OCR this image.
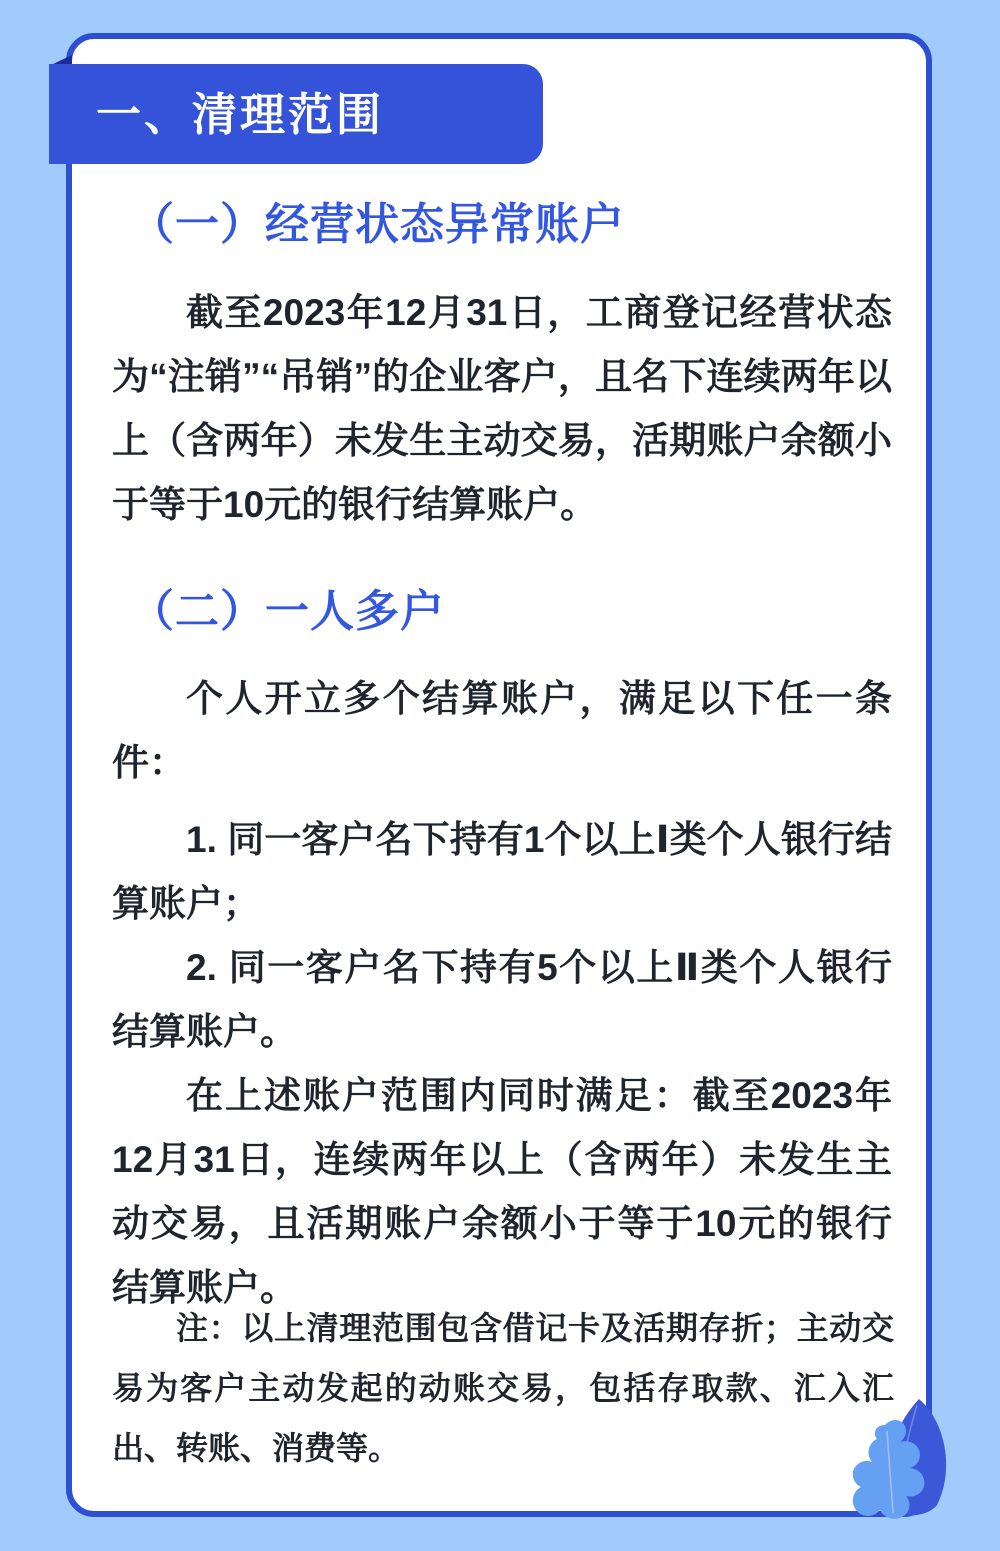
一、清理范围
（一）经营状态异常账户

截至2023年12月31日，工商登记经营状态为“注销”“吊销”的企业客户，且名下连续两年以上（含两年）未发生主动交易，活期账户余额小于等于10元的银行结算账户。

（二）一人多户

个人开立多个结算账户，满足以下任一条件：

1. 同一客户名下持有1个以上Ⅰ类个人银行结算账户；

2. 同一客户名下持有5个以上Ⅱ类个人银行结算账户。

在上述账户范围内同时满足：截至2023年12月31日，连续两年以上（含两年）未发生主动交易，且活期账户余额小于等于10元的银行结算账户。

注：以上清理范围包含借记卡及活期存折；主动交易为客户主动发起的动账交易，包括存取款、汇入汇出、转账、消费等。
